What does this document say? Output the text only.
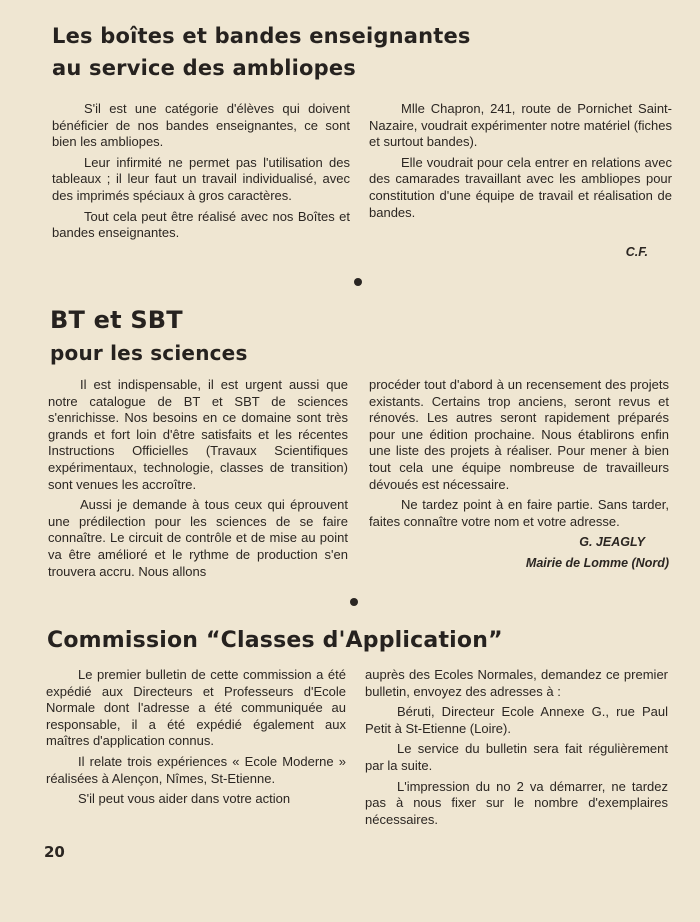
Les boîtes et bandes enseignantes
au service des ambliopes

S'il est une catégorie d'élèves qui doivent bénéficier de nos bandes enseignantes, ce sont bien les ambliopes.

Leur infirmité ne permet pas l'utilisation des tableaux ; il leur faut un travail individualisé, avec des imprimés spéciaux à gros caractères.

Tout cela peut être réalisé avec nos Boîtes et bandes enseignantes.

Mlle Chapron, 241, route de Pornichet Saint-Nazaire, voudrait expérimenter notre matériel (fiches et surtout bandes).

Elle voudrait pour cela entrer en relations avec des camarades travaillant avec les ambliopes pour constitution d'une équipe de travail et réalisation de bandes.

C.F.
BT et SBT
pour les sciences

Il est indispensable, il est urgent aussi que notre catalogue de BT et SBT de sciences s'enrichisse. Nos besoins en ce domaine sont très grands et fort loin d'être satisfaits et les récentes Instructions Officielles (Travaux Scientifiques expérimentaux, technologie, classes de transition) sont venues les accroître.

Aussi je demande à tous ceux qui éprouvent une prédilection pour les sciences de se faire connaître. Le circuit de contrôle et de mise au point va être amélioré et le rythme de production s'en trouvera accru. Nous allons

procéder tout d'abord à un recensement des projets existants. Certains trop anciens, seront revus et rénovés. Les autres seront rapidement préparés pour une édition prochaine. Nous établirons enfin une liste des projets à réaliser. Pour mener à bien tout cela une équipe nombreuse de travailleurs dévoués est nécessaire.

Ne tardez point à en faire partie. Sans tarder, faites connaître votre nom et votre adresse.

G. JEAGLY

Mairie de Lomme (Nord)

Commission “Classes d'Application”

Le premier bulletin de cette commission a été expédié aux Directeurs et Professeurs d'Ecole Normale dont l'adresse a été communiquée au responsable, il a été expédié également aux maîtres d'application connus.

Il relate trois expériences « Ecole Moderne » réalisées à Alençon, Nîmes, St-Etienne.

S'il peut vous aider dans votre action

auprès des Ecoles Normales, demandez ce premier bulletin, envoyez des adresses à :

Béruti, Directeur Ecole Annexe G., rue Paul Petit à St-Etienne (Loire).

Le service du bulletin sera fait régulièrement par la suite.

L'impression du no 2 va démarrer, ne tardez pas à nous fixer sur le nombre d'exemplaires nécessaires.

20
